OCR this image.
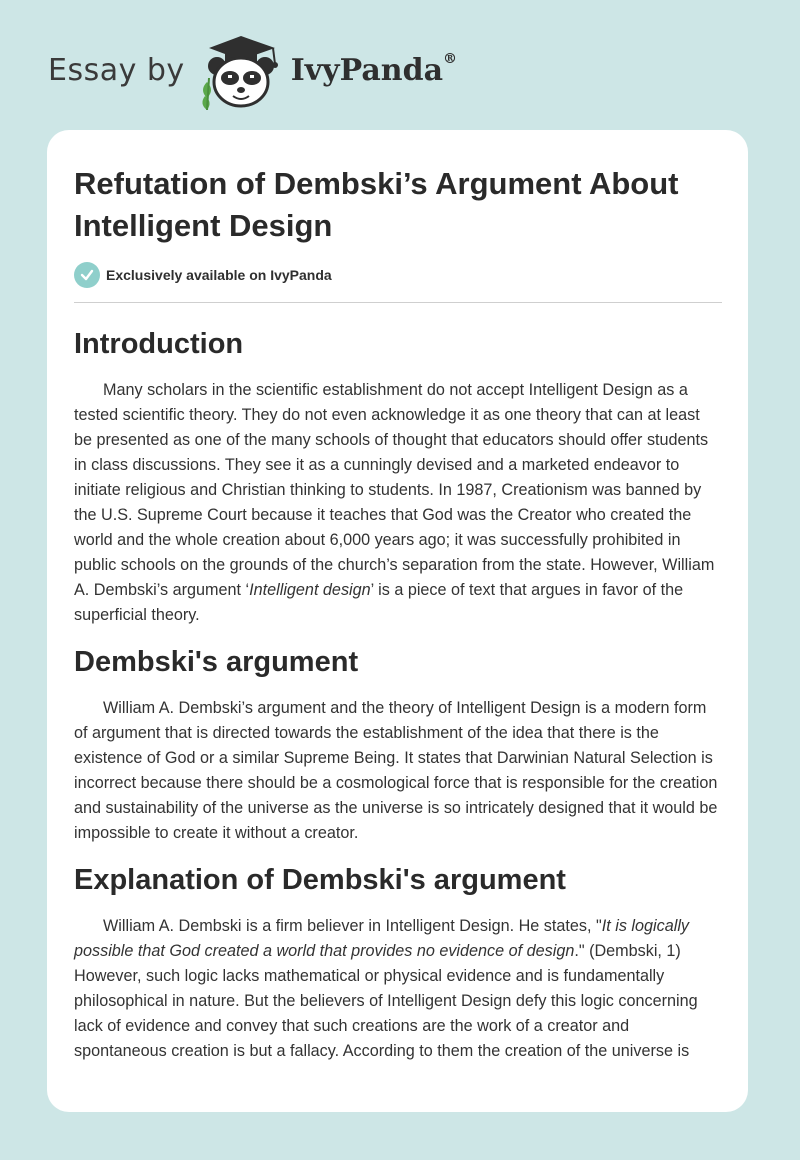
Essay by	IvyPanda®
Refutation of Dembski’s Argument About Intelligent Design
Exclusively available on IvyPanda
Introduction

Many scholars in the scientific establishment do not accept Intelligent Design as a tested scientific theory. They do not even acknowledge it as one theory that can at least be presented as one of the many schools of thought that educators should offer students in class discussions. They see it as a cunningly devised and a marketed endeavor to initiate religious and Christian thinking to students. In 1987, Creationism was banned by the U.S. Supreme Court because it teaches that God was the Creator who created the world and the whole creation about 6,000 years ago; it was successfully prohibited in public schools on the grounds of the church’s separation from the state. However, William A. Dembski’s argument ‘Intelligent design’ is a piece of text that argues in favor of the superficial theory.

Dembski's argument

William A. Dembski’s argument and the theory of Intelligent Design is a modern form of argument that is directed towards the establishment of the idea that there is the existence of God or a similar Supreme Being. It states that Darwinian Natural Selection is incorrect because there should be a cosmological force that is responsible for the creation and sustainability of the universe as the universe is so intricately designed that it would be impossible to create it without a creator.

Explanation of Dembski's argument

William A. Dembski is a firm believer in Intelligent Design. He states, "It is logically possible that God created a world that provides no evidence of design." (Dembski, 1) However, such logic lacks mathematical or physical evidence and is fundamentally philosophical in nature. But the believers of Intelligent Design defy this logic concerning lack of evidence and convey that such creations are the work of a creator and spontaneous creation is but a fallacy. According to them the creation of the universe is
